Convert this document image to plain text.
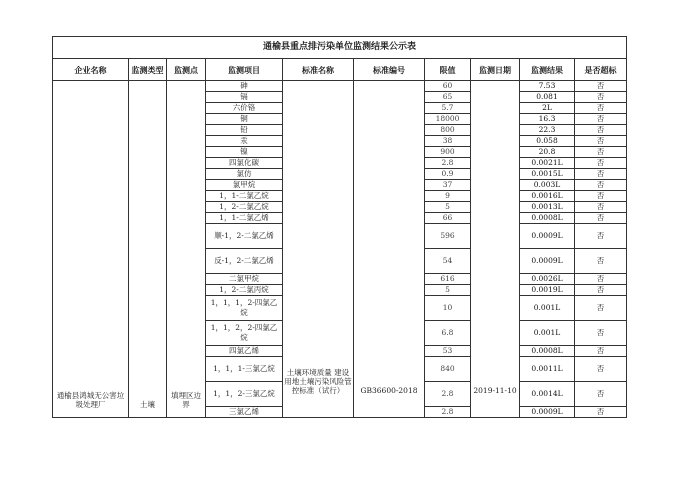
通榆县重点排污染单位监测结果公示表									
企业名称	监测类型	监测点	监测项目	标准名称	标准编号	限值	监测日期	监测结果	是否超标
通榆县鸿城无公害垃圾处理厂	土壤	填埋区边界	砷	土壤环境质量 建设用地土壤污染风险管控标准（试行）	GB36600-2018	60	2019-11-10	7.53	否
			镉			65		0.081	否
			六价铬			5.7		2L	否
			铜			18000		16.3	否
			铅			800		22.3	否
			汞			38		0.058	否
			镍			900		20.8	否
			四氯化碳			2.8		0.0021L	否
			氯仿			0.9		0.0015L	否
			氯甲烷			37		0.003L	否
			1，1-二氯乙烷			9		0.0016L	否
			1，2-二氯乙烷			5		0.0013L	否
			1，1-二氯乙烯			66		0.0008L	否
			顺-1，2-二氯乙烯			596		0.0009L	否
			反-1，2-二氯乙烯			54		0.0009L	否
			二氯甲烷			616		0.0026L	否
			1，2-二氯丙烷			5		0.0019L	否
			1，1，1，2-四氯乙烷			10		0.001L	否
			1，1，2，2-四氯乙烷			6.8		0.001L	否
			四氯乙烯			53		0.0008L	否
			1，1，1-三氯乙烷			840		0.0011L	否
			1，1，2-三氯乙烷			2.8		0.0014L	否
			三氯乙烯			2.8		0.0009L	否
